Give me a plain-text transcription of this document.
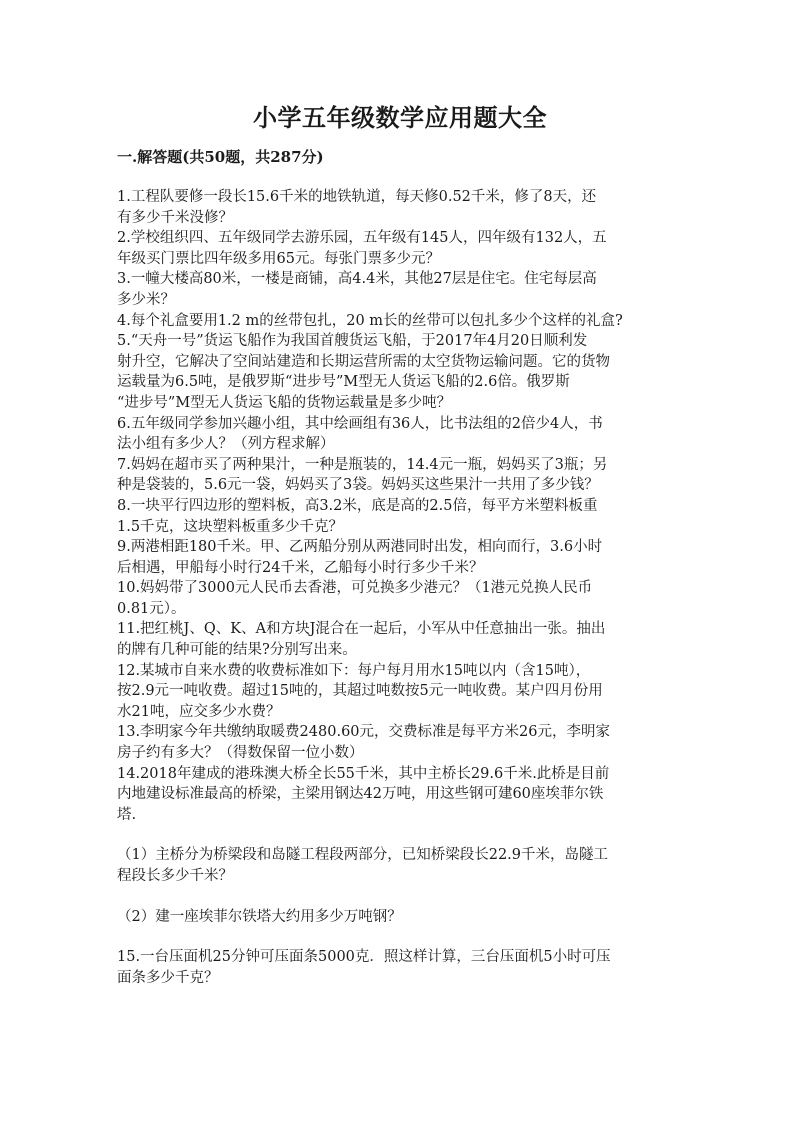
小学五年级数学应用题大全
一.解答题(共50题，共287分)
1.工程队要修一段长15.6千米的地铁轨道，每天修0.52千米，修了8天，还
有多少千米没修？
2.学校组织四、五年级同学去游乐园，五年级有145人，四年级有132人，五
年级买门票比四年级多用65元。每张门票多少元？
3.一幢大楼高80米，一楼是商铺，高4.4米，其他27层是住宅。住宅每层高
多少米？
4.每个礼盒要用1.2 m的丝带包扎，20 m长的丝带可以包扎多少个这样的礼盒?
5.“天舟一号”货运飞船作为我国首艘货运飞船，于2017年4月20日顺利发
射升空，它解决了空间站建造和长期运营所需的太空货物运输问题。它的货物
运载量为6.5吨，是俄罗斯“进步号”M型无人货运飞船的2.6倍。俄罗斯
“进步号”M型无人货运飞船的货物运载量是多少吨？
6.五年级同学参加兴趣小组，其中绘画组有36人，比书法组的2倍少4人，书
法小组有多少人？（列方程求解）
7.妈妈在超市买了两种果汁，一种是瓶装的，14.4元一瓶，妈妈买了3瓶；另
种是袋装的，5.6元一袋，妈妈买了3袋。妈妈买这些果汁一共用了多少钱？
8.一块平行四边形的塑料板，高3.2米，底是高的2.5倍，每平方米塑料板重
1.5千克，这块塑料板重多少千克？
9.两港相距180千米。甲、乙两船分别从两港同时出发，相向而行，3.6小时
后相遇，甲船每小时行24千米，乙船每小时行多少千米？
10.妈妈带了3000元人民币去香港，可兑换多少港元？（1港元兑换人民币
0.81元）。
11.把红桃J、Q、K、A和方块J混合在一起后，小军从中任意抽出一张。抽出
的牌有几种可能的结果?分别写出来。
12.某城市自来水费的收费标准如下：每户每月用水15吨以内（含15吨），
按2.9元一吨收费。超过15吨的，其超过吨数按5元一吨收费。某户四月份用
水21吨，应交多少水费？
13.李明家今年共缴纳取暖费2480.60元，交费标准是每平方米26元，李明家
房子约有多大？（得数保留一位小数）
14.2018年建成的港珠澳大桥全长55千米，其中主桥长29.6千米.此桥是目前
内地建设标准最高的桥梁，主梁用钢达42万吨，用这些钢可建60座埃菲尔铁
塔.
（1）主桥分为桥梁段和岛隧工程段两部分，已知桥梁段长22.9千米，岛隧工
程段长多少千米？
（2）建一座埃菲尔铁塔大约用多少万吨钢？
15.一台压面机25分钟可压面条5000克．照这样计算，三台压面机5小时可压
面条多少千克？
